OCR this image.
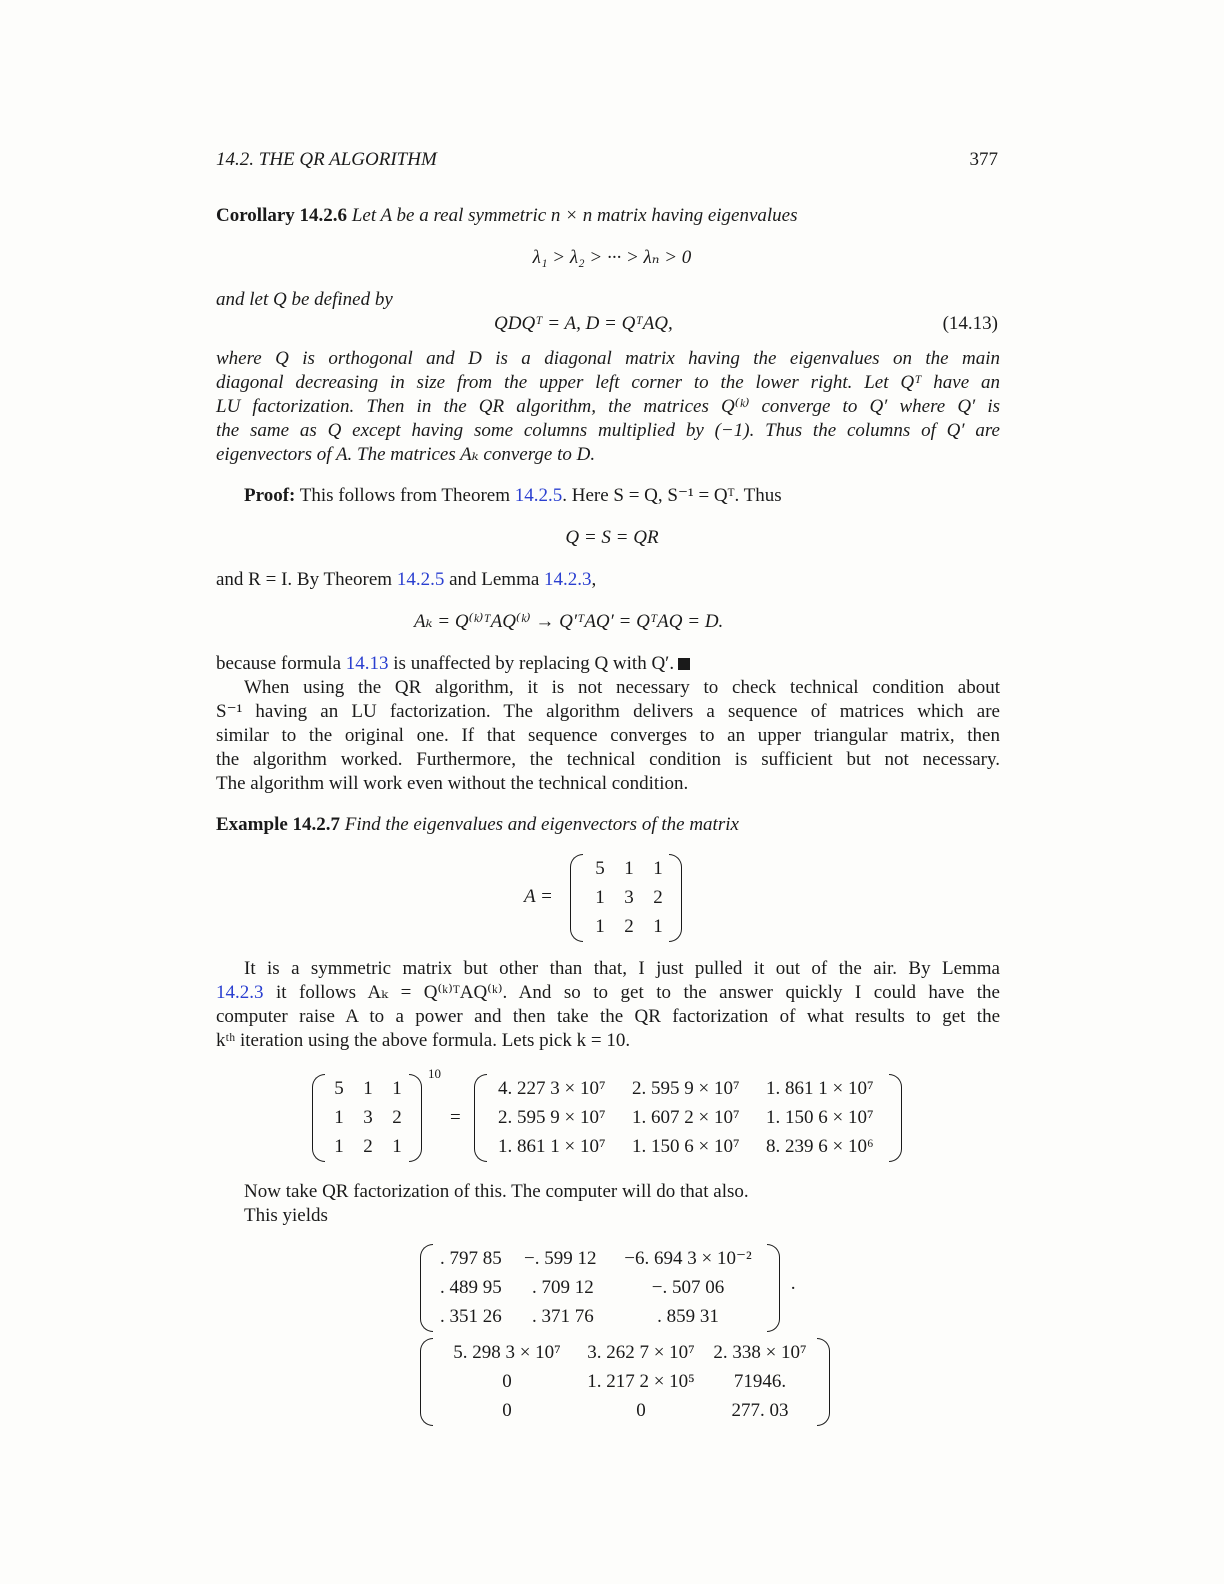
14.2. THE QR ALGORITHM	377
Corollary 14.2.6 Let A be a real symmetric n × n matrix having eigenvalues
λ₁ > λ₂ > ··· > λₙ > 0
and let Q be defined by
QDQᵀ = A, D = QᵀAQ,	(14.13)
where Q is orthogonal and D is a diagonal matrix having the eigenvalues on the main
diagonal decreasing in size from the upper left corner to the lower right. Let Qᵀ have an
LU factorization. Then in the QR algorithm, the matrices Q⁽ᵏ⁾ converge to Q′ where Q′ is
the same as Q except having some columns multiplied by (−1). Thus the columns of Q′ are
eigenvectors of A. The matrices Aₖ converge to D.
Proof: This follows from Theorem 14.2.5. Here S = Q, S⁻¹ = Qᵀ. Thus
Q = S = QR
and R = I. By Theorem 14.2.5 and Lemma 14.2.3,
Aₖ = Q⁽ᵏ⁾ᵀAQ⁽ᵏ⁾ → Q′ᵀAQ′ = QᵀAQ = D.
because formula 14.13 is unaffected by replacing Q with Q′.
When using the QR algorithm, it is not necessary to check technical condition about
S⁻¹ having an LU factorization. The algorithm delivers a sequence of matrices which are
similar to the original one. If that sequence converges to an upper triangular matrix, then
the algorithm worked. Furthermore, the technical condition is sufficient but not necessary.
The algorithm will work even without the technical condition.
Example 14.2.7 Find the eigenvalues and eigenvectors of the matrix
A =
5	1	1
1	3	2
1	2	1
It is a symmetric matrix but other than that, I just pulled it out of the air. By Lemma
14.2.3 it follows Aₖ = Q⁽ᵏ⁾ᵀAQ⁽ᵏ⁾. And so to get to the answer quickly I could have the
computer raise A to a power and then take the QR factorization of what results to get the
kᵗʰ iteration using the above formula. Lets pick k = 10.
5	1	1
1	3	2
1	2	1
10
=
4. 227 3 × 10⁷	2. 595 9 × 10⁷	1. 861 1 × 10⁷
2. 595 9 × 10⁷	1. 607 2 × 10⁷	1. 150 6 × 10⁷
1. 861 1 × 10⁷	1. 150 6 × 10⁷	8. 239 6 × 10⁶
Now take QR factorization of this. The computer will do that also.
This yields
. 797 85	−. 599 12	−6. 694 3 × 10⁻²
. 489 95	. 709 12	−. 507 06
. 351 26	. 371 76	. 859 31
·
5. 298 3 × 10⁷	3. 262 7 × 10⁷	2. 338 × 10⁷
0	1. 217 2 × 10⁵	71946.
0	0	277. 03
